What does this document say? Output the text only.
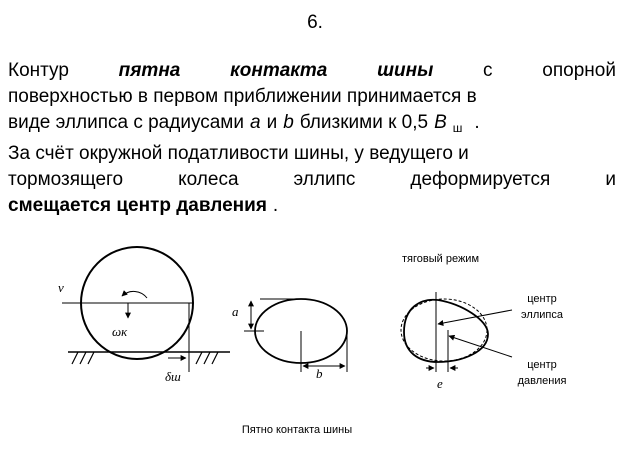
6.
Контур	пятна	контакта	шины	с	опорной
поверхностью в первом приближении принимается в
виде эллипса с радиусами а и b близкими к 0,5 B $_ш$ .
За счёт окружной податливости шины, у ведущего и
тормозящего	колеса	эллипс	деформируется	и
смещается центр давления .
v
ωк
δш
а
b
тяговый режим
е
центр
эллипса
центр
давления
Пятно контакта шины
